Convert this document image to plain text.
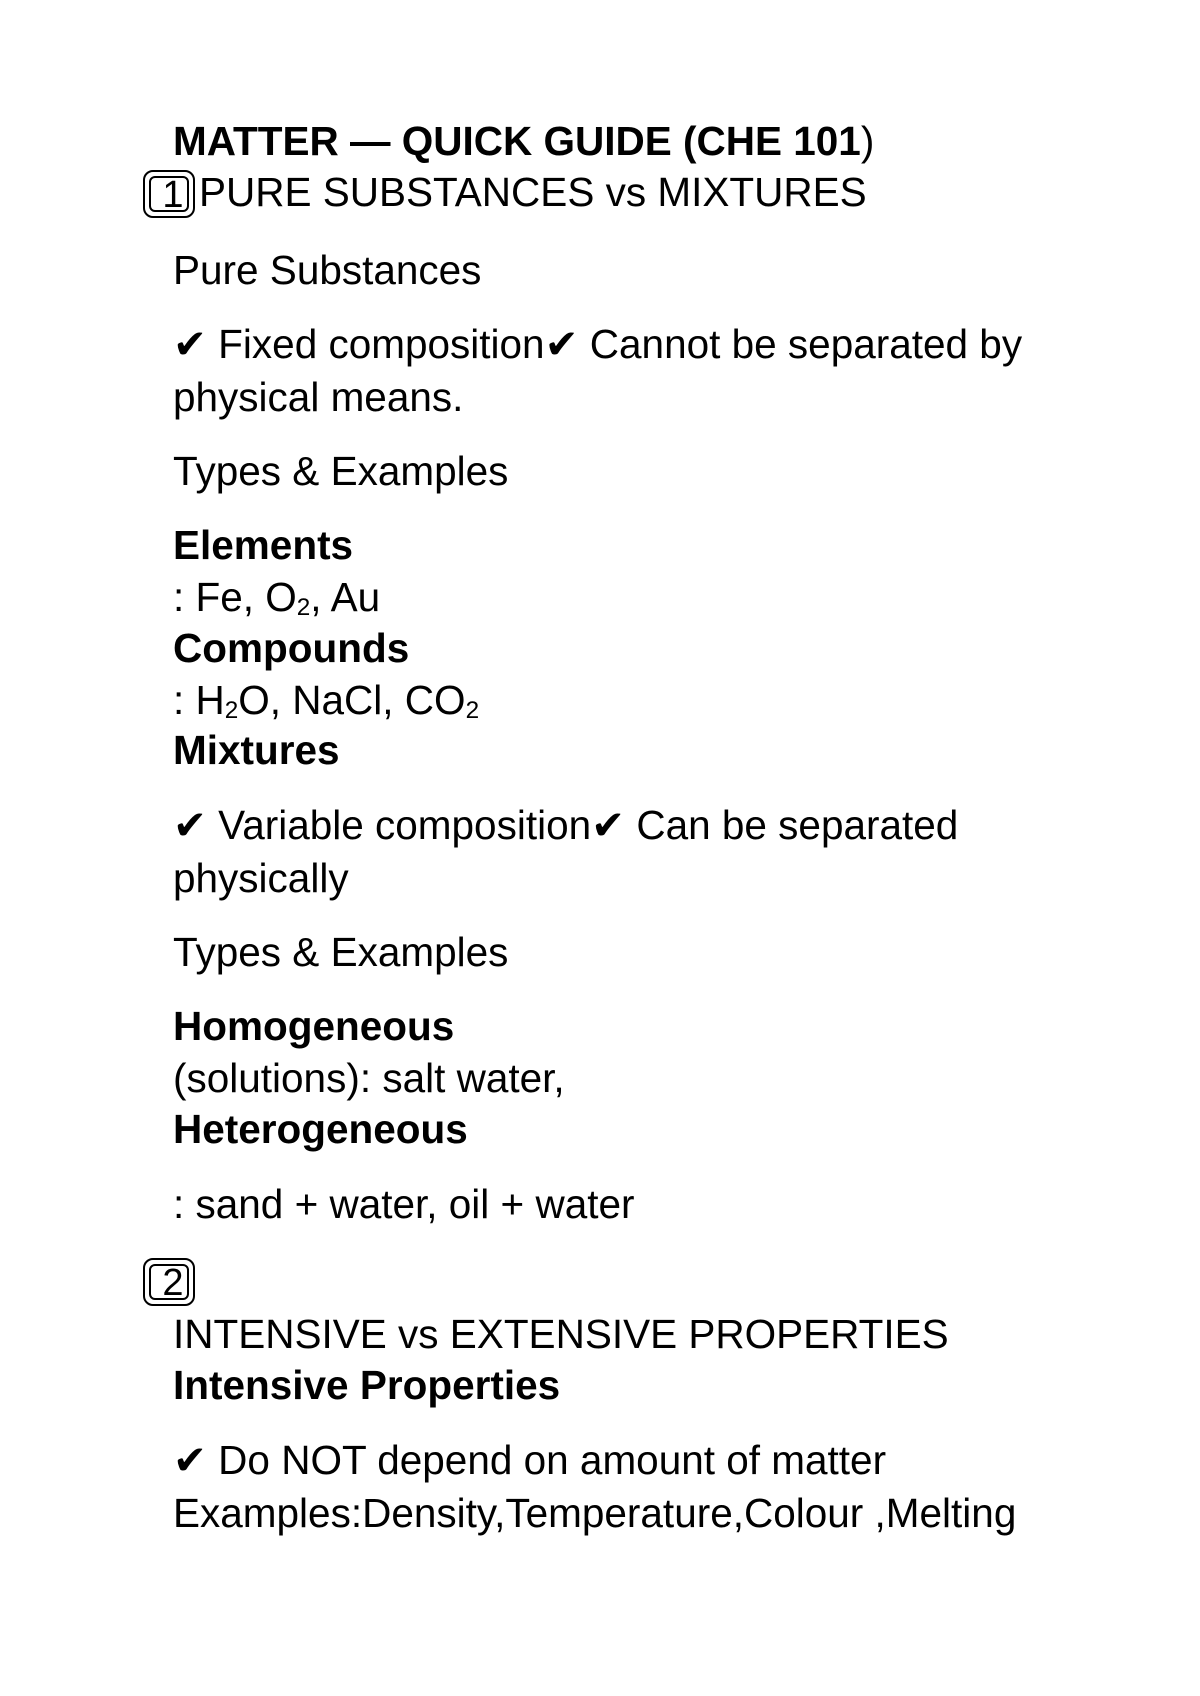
MATTER — QUICK GUIDE (CHE 101)
1 PURE SUBSTANCES vs MIXTURES
Pure Substances
✔ Fixed composition✔ Cannot be separated by
physical means.
Types & Examples
Elements
: Fe, $O_2$, Au
Compounds
: $H_2O$, NaCl, $CO_2$
Mixtures
✔ Variable composition✔ Can be separated
physically
Types & Examples
Homogeneous
(solutions): salt water,
Heterogeneous
: sand + water, oil + water
2
INTENSIVE vs EXTENSIVE PROPERTIES
Intensive Properties
✔ Do NOT depend on amount of matter
Examples:Density,Temperature,Colour ,Melting
